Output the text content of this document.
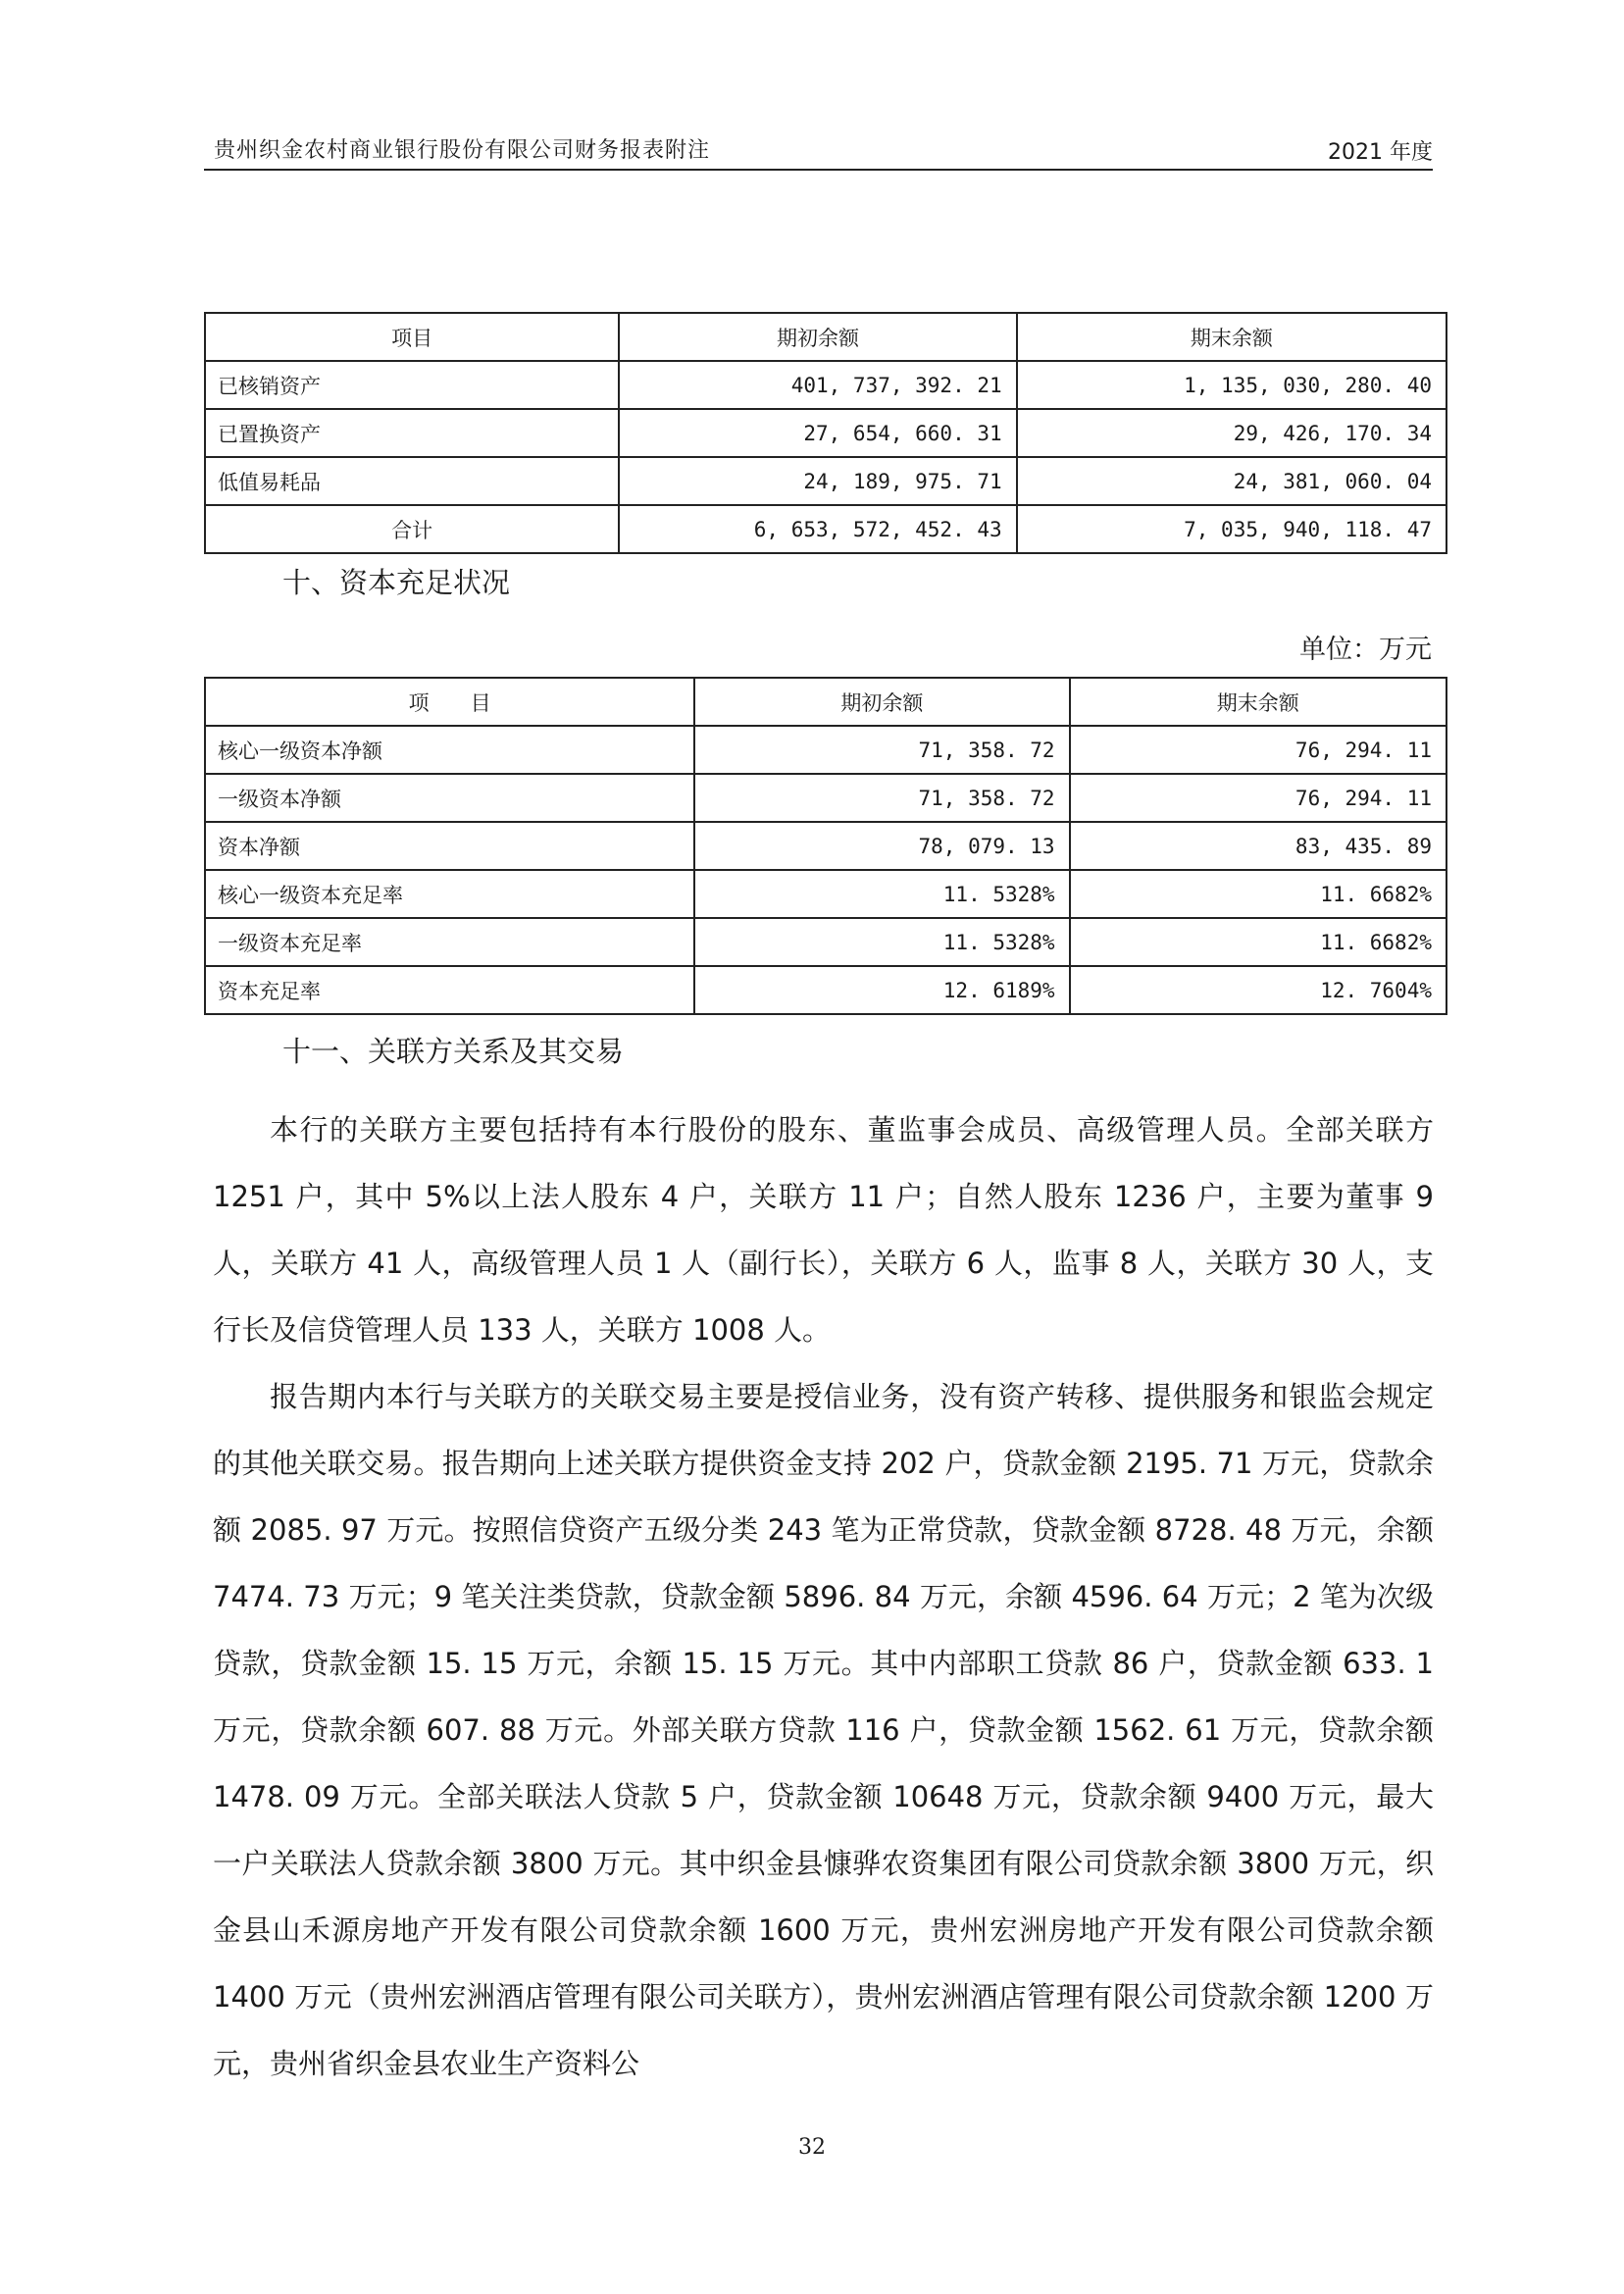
贵州织金农村商业银行股份有限公司财务报表附注	2021 年度
项目	期初余额	期末余额
已核销资产	401, 737, 392. 21	1, 135, 030, 280. 40
已置换资产	27, 654, 660. 31	29, 426, 170. 34
低值易耗品	24, 189, 975. 71	24, 381, 060. 04
合计	6, 653, 572, 452. 43	7, 035, 940, 118. 47
十、资本充足状况
单位：万元
项　　目	期初余额	期末余额
核心一级资本净额	71, 358. 72	76, 294. 11
一级资本净额	71, 358. 72	76, 294. 11
资本净额	78, 079. 13	83, 435. 89
核心一级资本充足率	11. 5328%	11. 6682%
一级资本充足率	11. 5328%	11. 6682%
资本充足率	12. 6189%	12. 7604%
十一、关联方关系及其交易

本行的关联方主要包括持有本行股份的股东、董监事会成员、高级管理人员。全部关联方 1251 户，其中 5%以上法人股东 4 户，关联方 11 户；自然人股东 1236 户，主要为董事 9 人，关联方 41 人，高级管理人员 1 人（副行长），关联方 6 人，监事 8 人，关联方 30 人，支行长及信贷管理人员 133 人，关联方 1008 人。

报告期内本行与关联方的关联交易主要是授信业务，没有资产转移、提供服务和银监会规定的其他关联交易。报告期向上述关联方提供资金支持 202 户，贷款金额 2195. 71 万元，贷款余额 2085. 97 万元。按照信贷资产五级分类 243 笔为正常贷款，贷款金额 8728. 48 万元，余额 7474. 73 万元；9 笔关注类贷款，贷款金额 5896. 84 万元，余额 4596. 64 万元；2 笔为次级贷款，贷款金额 15. 15 万元，余额 15. 15 万元。其中内部职工贷款 86 户，贷款金额 633. 1 万元，贷款余额 607. 88 万元。外部关联方贷款 116 户，贷款金额 1562. 61 万元，贷款余额 1478. 09 万元。全部关联法人贷款 5 户，贷款金额 10648 万元，贷款余额 9400 万元，最大一户关联法人贷款余额 3800 万元。其中织金县慷骅农资集团有限公司贷款余额 3800 万元，织金县山禾源房地产开发有限公司贷款余额 1600 万元，贵州宏洲房地产开发有限公司贷款余额 1400 万元（贵州宏洲酒店管理有限公司关联方），贵州宏洲酒店管理有限公司贷款余额 1200 万元，贵州省织金县农业生产资料公

32
